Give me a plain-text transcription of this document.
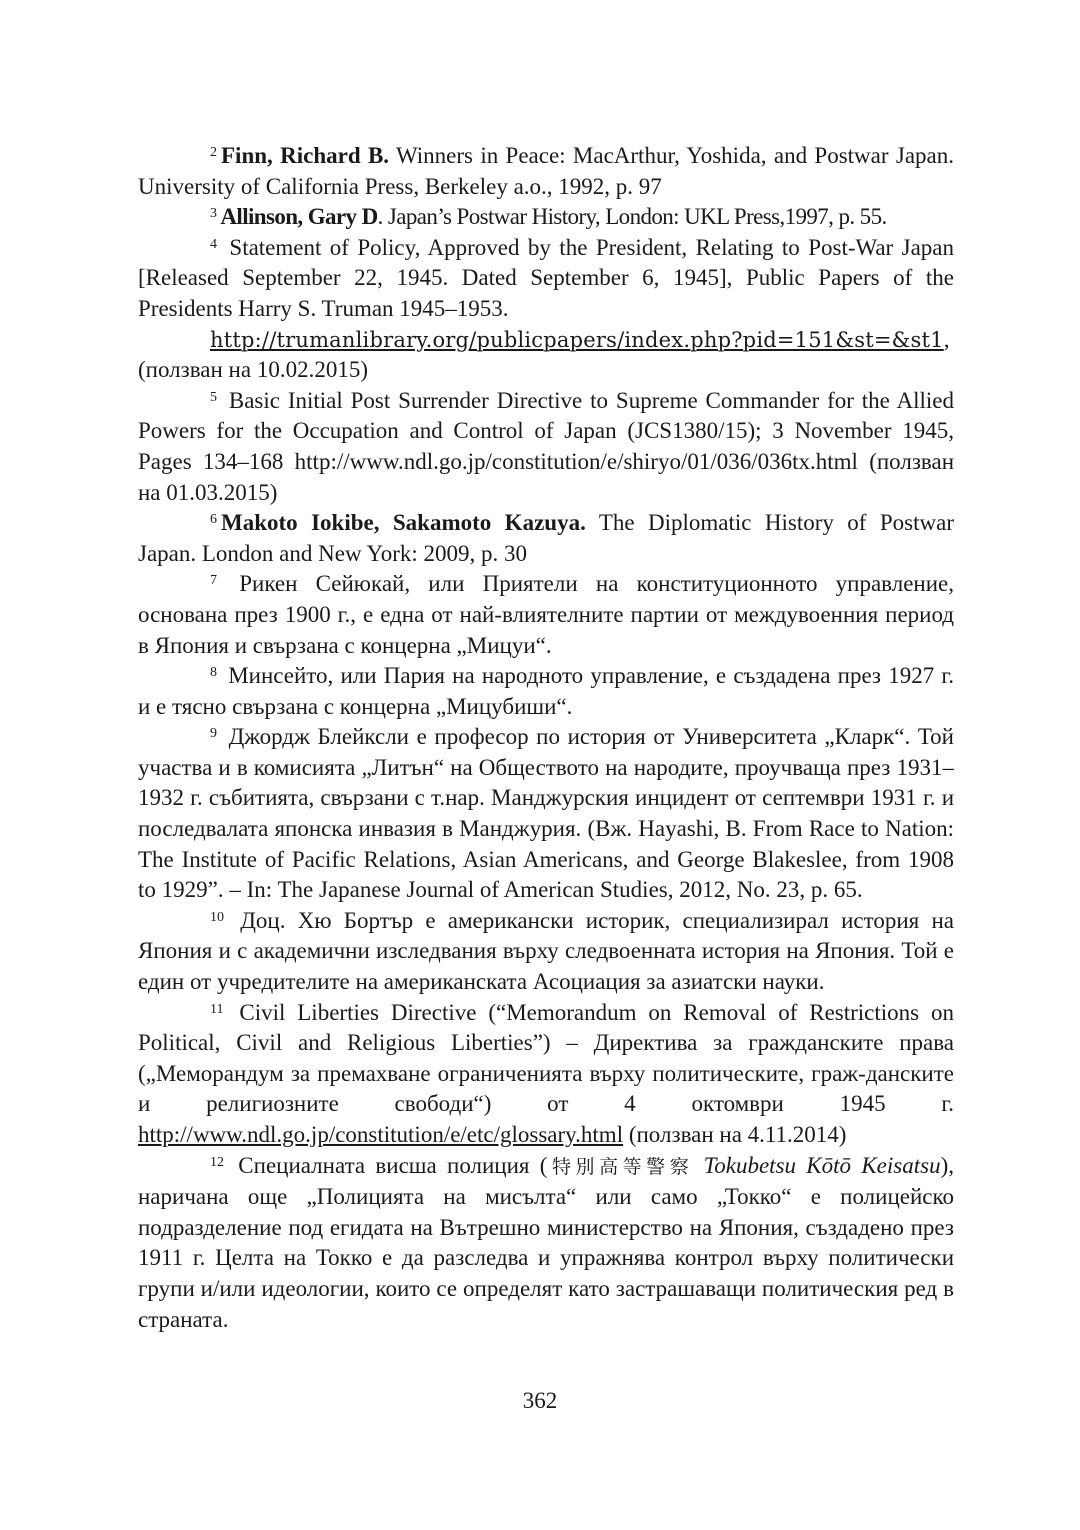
$^2$ Finn, Richard B. Winners in Peace: MacArthur, Yoshida, and Postwar Japan. University of California Press, Berkeley a.o., 1992, p. 97

$^3$ Allinson, Gary D. Japan’s Postwar History, London: UKL Press,1997, p. 55.

$^4$ Statement of Policy, Approved by the President, Relating to Post-War Japan [Released September 22, 1945. Dated September 6, 1945], Public Papers of the Presidents Harry S. Truman 1945–1953.

http://trumanlibrary.org/publicpapers/index.php?pid=151&st=&st1, (ползван на 10.02.2015)

$^5$ Basic Initial Post Surrender Directive to Supreme Commander for the Allied Powers for the Occupation and Control of Japan (JCS1380/15); 3 November 1945, Pages 134–168 http://www.ndl.go.jp/constitution/e/shiryo/01/036/036tx.html (ползван на 01.03.2015)

$^6$ Makoto Iokibe, Sakamoto Kazuya. The Diplomatic History of Postwar Japan. London and New York: 2009, p. 30

$^7$ Рикен Сейюкай, или Приятели на конституционното управление, основана през 1900 г., е една от най-влиятелните партии от междувоенния период в Япония и свързана с концерна „Мицуи“.

$^8$ Минсейто, или Пария на народното управление, е създадена през 1927 г. и е тясно свързана с концерна „Мицубиши“.

$^9$ Джордж Блейксли е професор по история от Университета „Кларк“. Той участва и в комисията „Литън“ на Обществото на народите, проучваща през 1931–1932 г. събитията, свързани с т.нар. Манджурския инцидент от септември 1931 г. и последвалата японска инвазия в Манджурия. (Вж. Hayashi, B. From Race to Nation: The Institute of Pacific Relations, Asian Americans, and George Blakeslee, from 1908 to 1929”. – In: The Japanese Journal of American Studies, 2012, No. 23, p. 65.

$^{10}$ Доц. Хю Бортър е американски историк, специализирал история на Япония и с академични изследвания върху следвоенната история на Япония. Той е един от учредителите на американската Асоциация за азиатски науки.

$^{11}$ Civil Liberties Directive (“Memorandum on Removal of Restrictions on Political, Civil and Religious Liberties”) – Директива за гражданските права („Меморандум за премахване ограниченията върху политическите, граж-данските и религиозните свободи“) от 4 октомври 1945 г. http://www.ndl.go.jp/constitution/e/etc/glossary.html (ползван на 4.11.2014)

$^{12}$ Специалната висша полиция (特別高等警察 Tokubetsu Kōtō Keisatsu), наричана още „Полицията на мисълта“ или само „Токко“ е полицейско подразделение под егидата на Вътрешно министерство на Япония, създадено през 1911 г. Целта на Токко е да разследва и упражнява контрол върху политически групи и/или идеологии, които се определят като застрашаващи политическия ред в страната.

362
